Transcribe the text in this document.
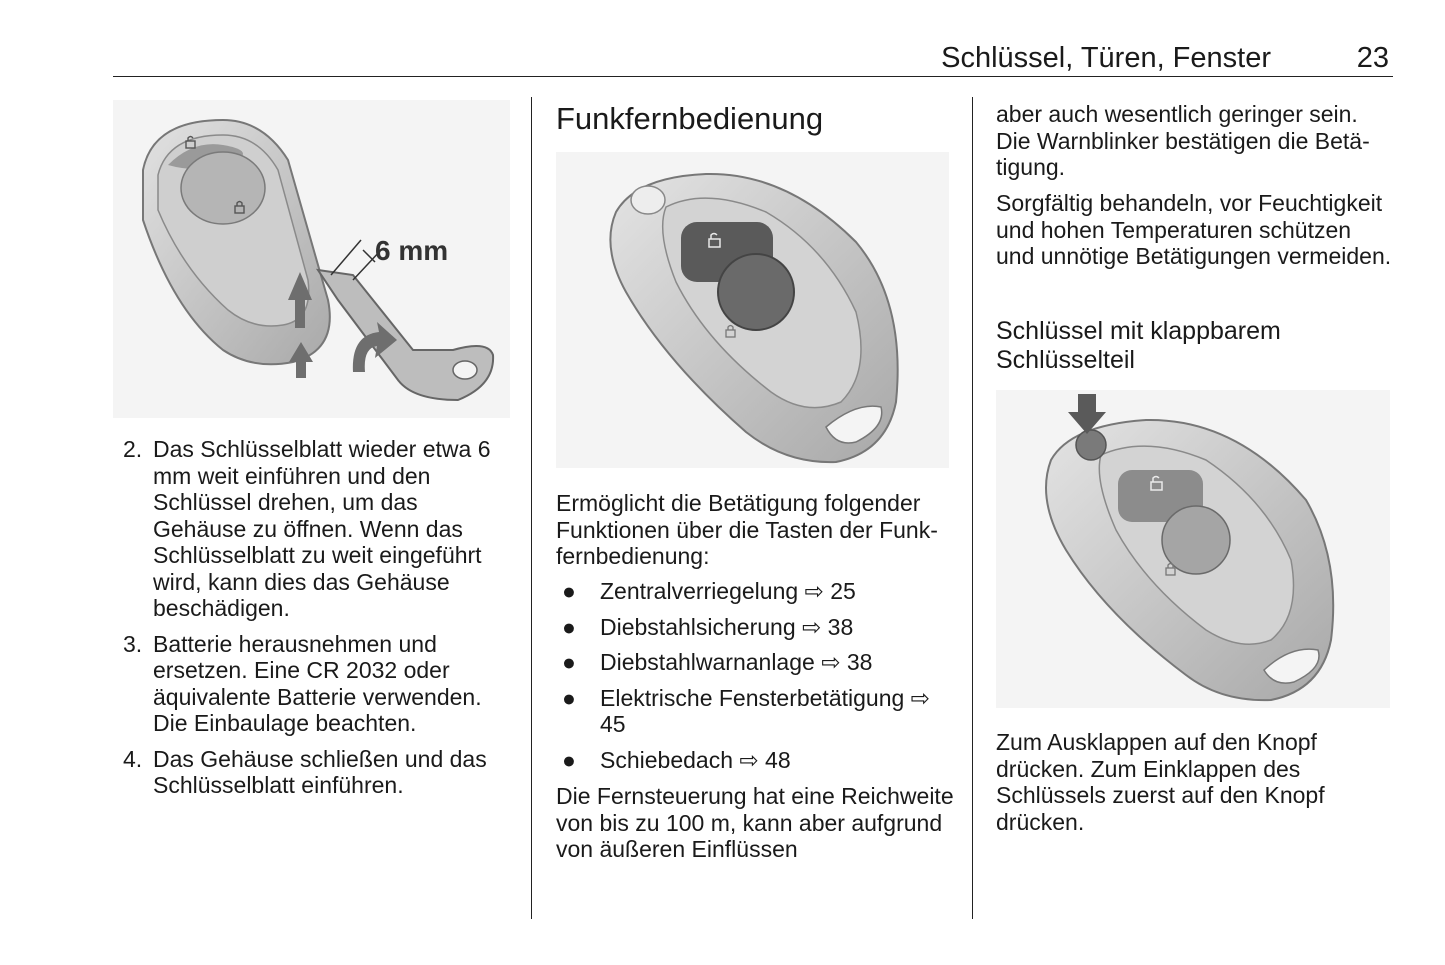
Schlüssel, Türen, Fenster	23
6 mm
2. Das Schlüsselblatt wieder etwa 6 mm weit einführen und den Schlüssel drehen, um das Gehäuse zu öffnen. Wenn das Schlüsselblatt zu weit eingeführt wird, kann dies das Gehäuse beschädigen.
3. Batterie herausnehmen und ersetzen. Eine CR 2032 oder äquivalente Batterie verwenden. Die Einbaulage beachten.
4. Das Gehäuse schließen und das Schlüsselblatt einführen.
Funkfernbedienung

Ermöglicht die Betätigung folgender Funktionen über die Tasten der Funkfernbedienung:

● Zentralverriegelung ⇨ 25
● Diebstahlsicherung ⇨ 38
● Diebstahlwarnanlage ⇨ 38
● Elektrische Fensterbetätigung ⇨ 45
● Schiebedach ⇨ 48

Die Fernsteuerung hat eine Reichweite von bis zu 100 m, kann aber aufgrund von äußeren Einflüssen

aber auch wesentlich geringer sein. Die Warnblinker bestätigen die Betätigung.

Sorgfältig behandeln, vor Feuchtigkeit und hohen Temperaturen schützen und unnötige Betätigungen vermeiden.

Schlüssel mit klappbarem Schlüsselteil

Zum Ausklappen auf den Knopf drücken. Zum Einklappen des Schlüssels zuerst auf den Knopf drücken.
